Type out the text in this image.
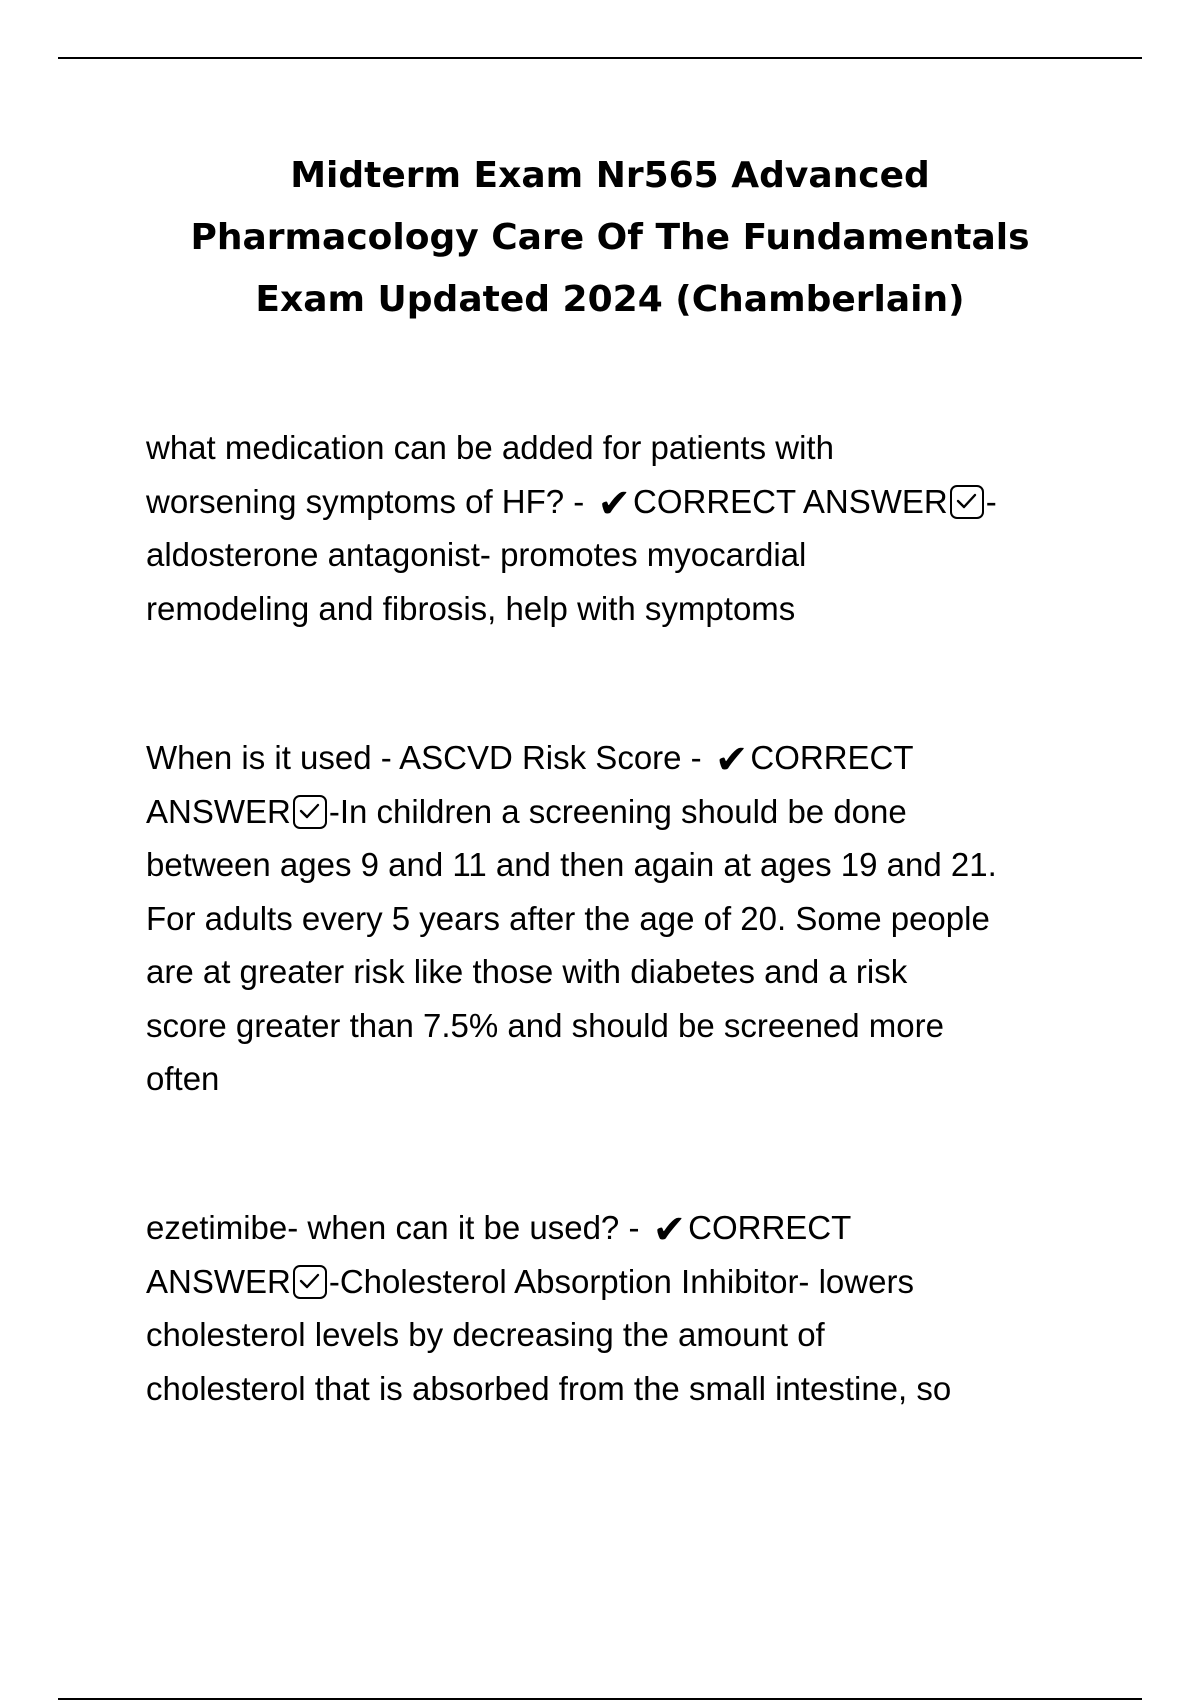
Midterm Exam Nr565 Advanced
Pharmacology Care Of The Fundamentals
Exam Updated 2024 (Chamberlain)
what medication can be added for patients with
worsening symptoms of HF? - ✔CORRECT ANSWER -
aldosterone antagonist- promotes myocardial
remodeling and fibrosis, help with symptoms
When is it used - ASCVD Risk Score - ✔CORRECT
ANSWER -In children a screening should be done
between ages 9 and 11 and then again at ages 19 and 21.
For adults every 5 years after the age of 20. Some people
are at greater risk like those with diabetes and a risk
score greater than 7.5% and should be screened more
often
ezetimibe- when can it be used? - ✔CORRECT
ANSWER -Cholesterol Absorption Inhibitor- lowers
cholesterol levels by decreasing the amount of
cholesterol that is absorbed from the small intestine, so
